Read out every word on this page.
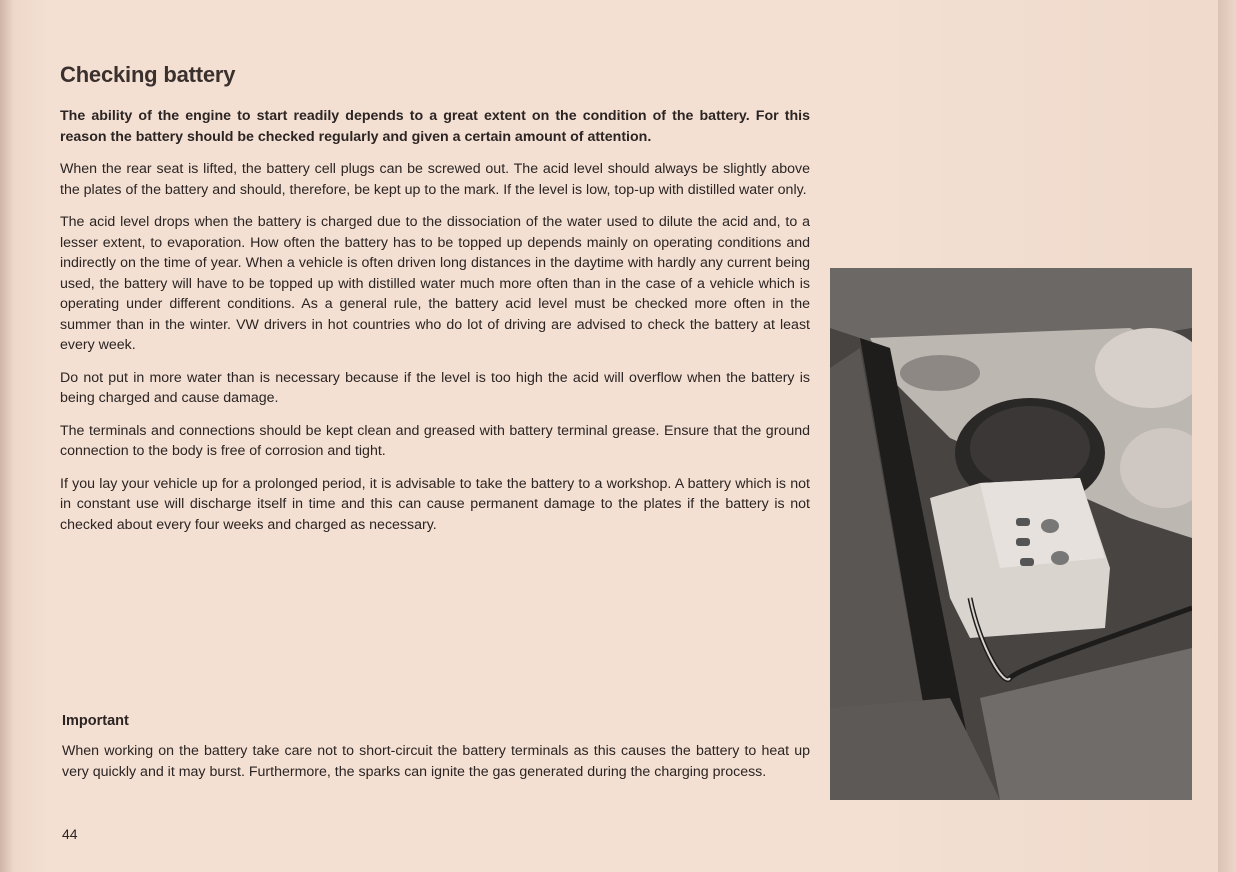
Checking battery

The ability of the engine to start readily depends to a great extent on the condition of the battery. For this reason the battery should be checked regularly and given a certain amount of attention.

When the rear seat is lifted, the battery cell plugs can be screwed out. The acid level should always be slightly above the plates of the battery and should, therefore, be kept up to the mark. If the level is low, top-up with distilled water only.

The acid level drops when the battery is charged due to the dissociation of the water used to dilute the acid and, to a lesser extent, to evaporation. How often the battery has to be topped up depends mainly on operating conditions and indirectly on the time of year. When a vehicle is often driven long distances in the daytime with hardly any current being used, the battery will have to be topped up with distilled water much more often than in the case of a vehicle which is operating under different conditions. As a general rule, the battery acid level must be checked more often in the summer than in the winter. VW drivers in hot countries who do lot of driving are advised to check the battery at least every week.

Do not put in more water than is necessary because if the level is too high the acid will overflow when the battery is being charged and cause damage.

The terminals and connections should be kept clean and greased with battery terminal grease. Ensure that the ground connection to the body is free of corrosion and tight.

If you lay your vehicle up for a prolonged period, it is advisable to take the battery to a workshop. A battery which is not in constant use will discharge itself in time and this can cause permanent damage to the plates if the battery is not checked about every four weeks and charged as necessary.

Important

When working on the battery take care not to short-circuit the battery terminals as this causes the battery to heat up very quickly and it may burst. Furthermore, the sparks can ignite the gas generated during the charging process.

44
